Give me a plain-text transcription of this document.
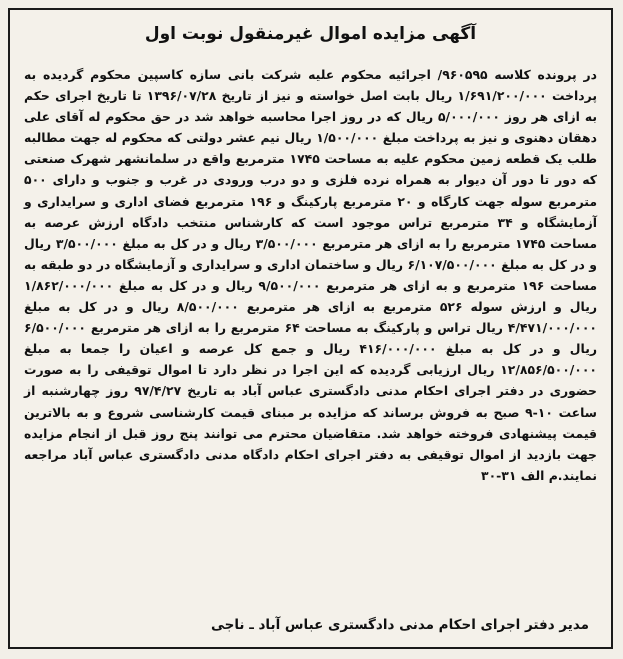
آگهی مزایده اموال غیرمنقول نوبت اول
در پرونده کلاسه ۹۶۰۵۹۵/ اجرائیه محکوم علیه شرکت بانی سازه کاسپین محکوم گردیده به پرداخت ۱/۶۹۱/۲۰۰/۰۰۰ ریال بابت اصل خواسته و نیز از تاریخ ۱۳۹۶/۰۷/۲۸ تا تاریخ اجرای حکم به ازای هر روز ۵/۰۰۰/۰۰۰ ریال که در روز اجرا محاسبه خواهد شد در حق محکوم له آقای علی دهقان دهنوی و نیز به پرداخت مبلغ ۱/۵۰۰/۰۰۰ ریال نیم عشر دولتی که محکوم له جهت مطالبه طلب یک قطعه زمین محکوم علیه به مساحت ۱۷۴۵ مترمربع واقع در سلمانشهر شهرک صنعتی که دور تا دور آن دیوار به همراه نرده فلزی و دو درب ورودی در غرب و جنوب و دارای ۵۰۰ مترمربع سوله جهت کارگاه و ۲۰ مترمربع پارکینگ و ۱۹۶ مترمربع فضای اداری و سرایداری و آزمایشگاه و ۳۴ مترمربع تراس موجود است که کارشناس منتخب دادگاه ارزش عرصه به مساحت ۱۷۴۵ مترمربع را به ازای هر مترمربع ۳/۵۰۰/۰۰۰ ریال و در کل به مبلغ ۳/۵۰۰/۰۰۰ ریال و در کل به مبلغ ۶/۱۰۷/۵۰۰/۰۰۰ ریال و ساختمان اداری و سرایداری و آزمایشگاه در دو طبقه به مساحت ۱۹۶ مترمربع و به ازای هر مترمربع ۹/۵۰۰/۰۰۰ ریال و در کل به مبلغ ۱/۸۶۲/۰۰۰/۰۰۰ ریال و ارزش سوله ۵۲۶ مترمربع به ازای هر مترمربع ۸/۵۰۰/۰۰۰ ریال و در کل به مبلغ ۴/۴۷۱/۰۰۰/۰۰۰ ریال تراس و پارکینگ به مساحت ۶۴ مترمربع را به ازای هر مترمربع ۶/۵۰۰/۰۰۰ ریال و در کل به مبلغ ۴۱۶/۰۰۰/۰۰۰ ریال و جمع کل عرصه و اعیان را جمعا به مبلغ ۱۲/۸۵۶/۵۰۰/۰۰۰ ریال ارزیابی گردیده که این اجرا در نظر دارد تا اموال توقیفی را به صورت حضوری در دفتر اجرای احکام مدنی دادگستری عباس آباد به تاریخ ۹۷/۴/۲۷ روز چهارشنبه از ساعت ۱۰-۹ صبح به فروش برساند که مزایده بر مبنای قیمت کارشناسی شروع و به بالاترین قیمت پیشنهادی فروخته خواهد شد. متقاضیان محترم می توانند پنج روز قبل از انجام مزایده جهت بازدید از اموال توقیفی به دفتر اجرای احکام دادگاه مدنی دادگستری عباس آباد مراجعه نمایند.م الف ۳۱-۳۰
مدیر دفتر اجرای احکام مدنی دادگستری عباس آباد ـ ناجی
